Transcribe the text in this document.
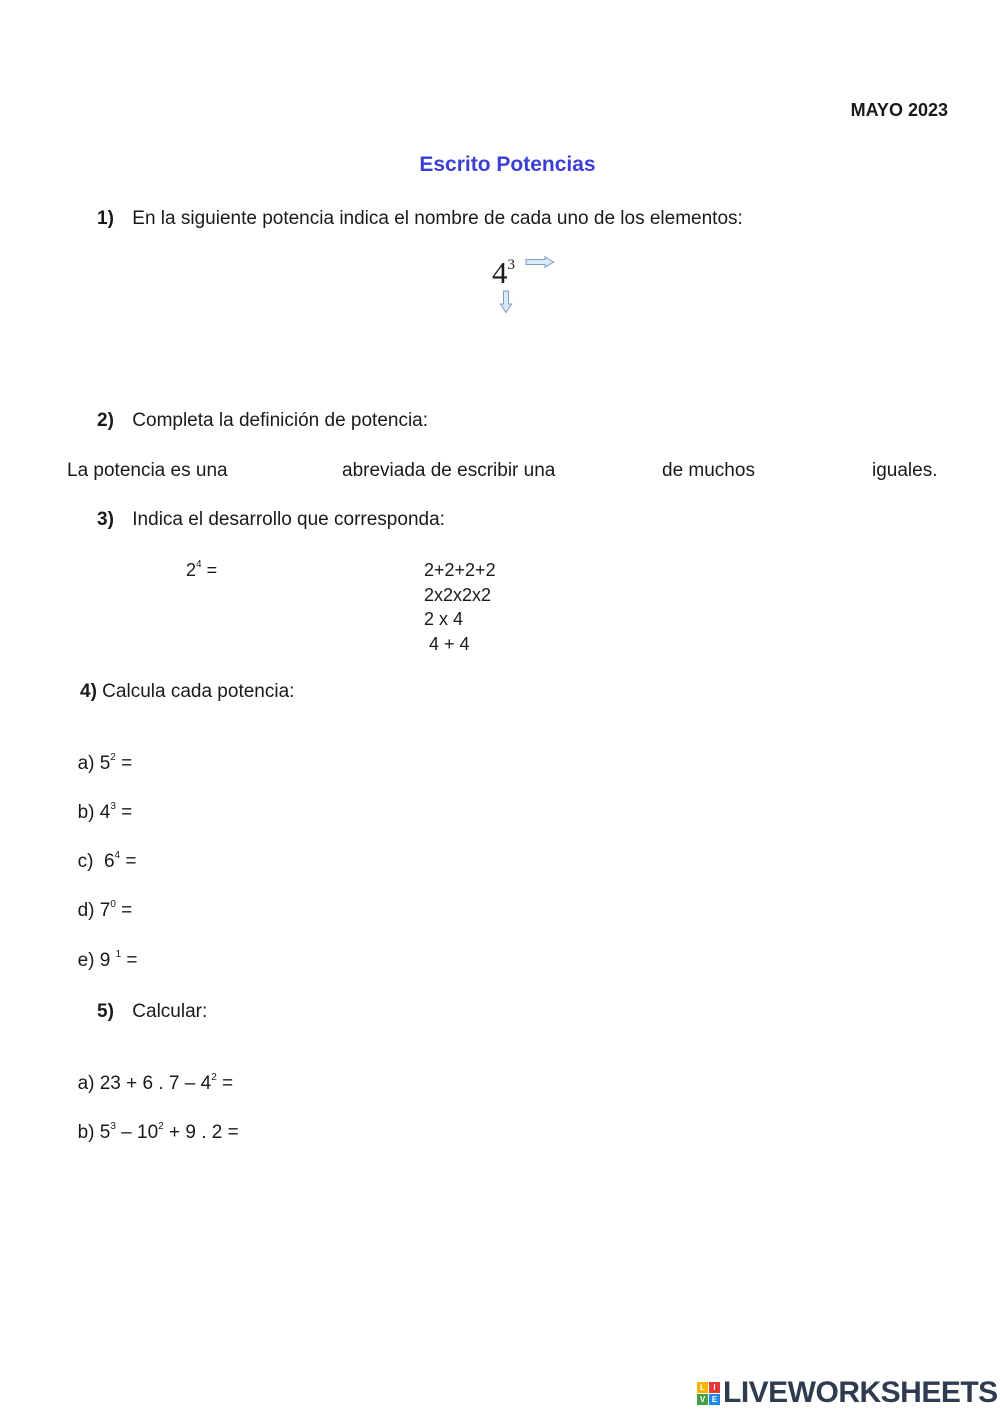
MAYO 2023
Escrito Potencias
1) En la siguiente potencia indica el nombre de cada uno de los elementos:
$4^3$
2) Completa la definición de potencia:
La potencia es una	abreviada de escribir una	de muchos	iguales.
3) Indica el desarrollo que corresponda:
$2^4$ =	2+2+2+2
2x2x2x2
2 x 4
4 + 4
4) Calcula cada potencia:

a) $5^2$ =

b) $4^3$ =

c)  $6^4$ =

d) $7^0$ =

e) 9 $^1$ =

5) Calcular:

a) 23 + 6 . $7 - 4^2$ =

b) $5^3 - 10^2 + 9$ . 2 =

L	I
V E LIVEWORKSHEETS
